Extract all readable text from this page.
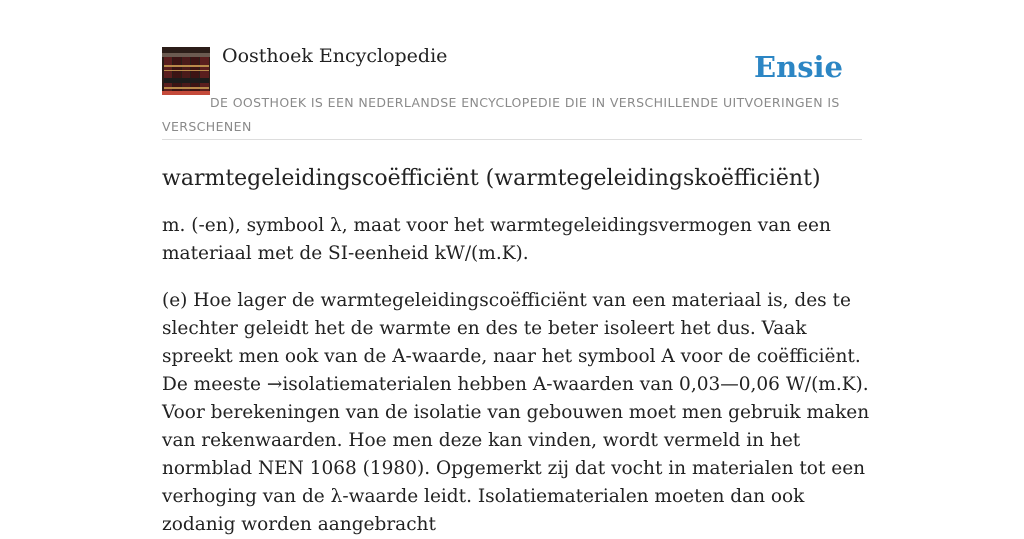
Oosthoek Encyclopedie	Ensie
DE OOSTHOEK IS EEN NEDERLANDSE ENCYCLOPEDIE DIE IN VERSCHILLENDE UITVOERINGEN IS VERSCHENEN
warmtegeleidingscoëfficiënt (warmtegeleidingskoëfficiënt)

m. (-en), symbool λ, maat voor het warmtegeleidingsvermogen van een materiaal met de SI-eenheid kW/(m.K).

(e) Hoe lager de warmtegeleidingscoëfficiënt van een materiaal is, des te slechter geleidt het de warmte en des te beter isoleert het dus. Vaak spreekt men ook van de A-waarde, naar het symbool A voor de coëfficiënt. De meeste →isolatiematerialen hebben A-waarden van 0,03—0,06 W/(m.K). Voor berekeningen van de isolatie van gebouwen moet men gebruik maken van rekenwaarden. Hoe men deze kan vinden, wordt vermeld in het normblad NEN 1068 (1980). Opgemerkt zij dat vocht in materialen tot een verhoging van de λ-waarde leidt. Isolatiematerialen moeten dan ook zodanig worden aangebracht
